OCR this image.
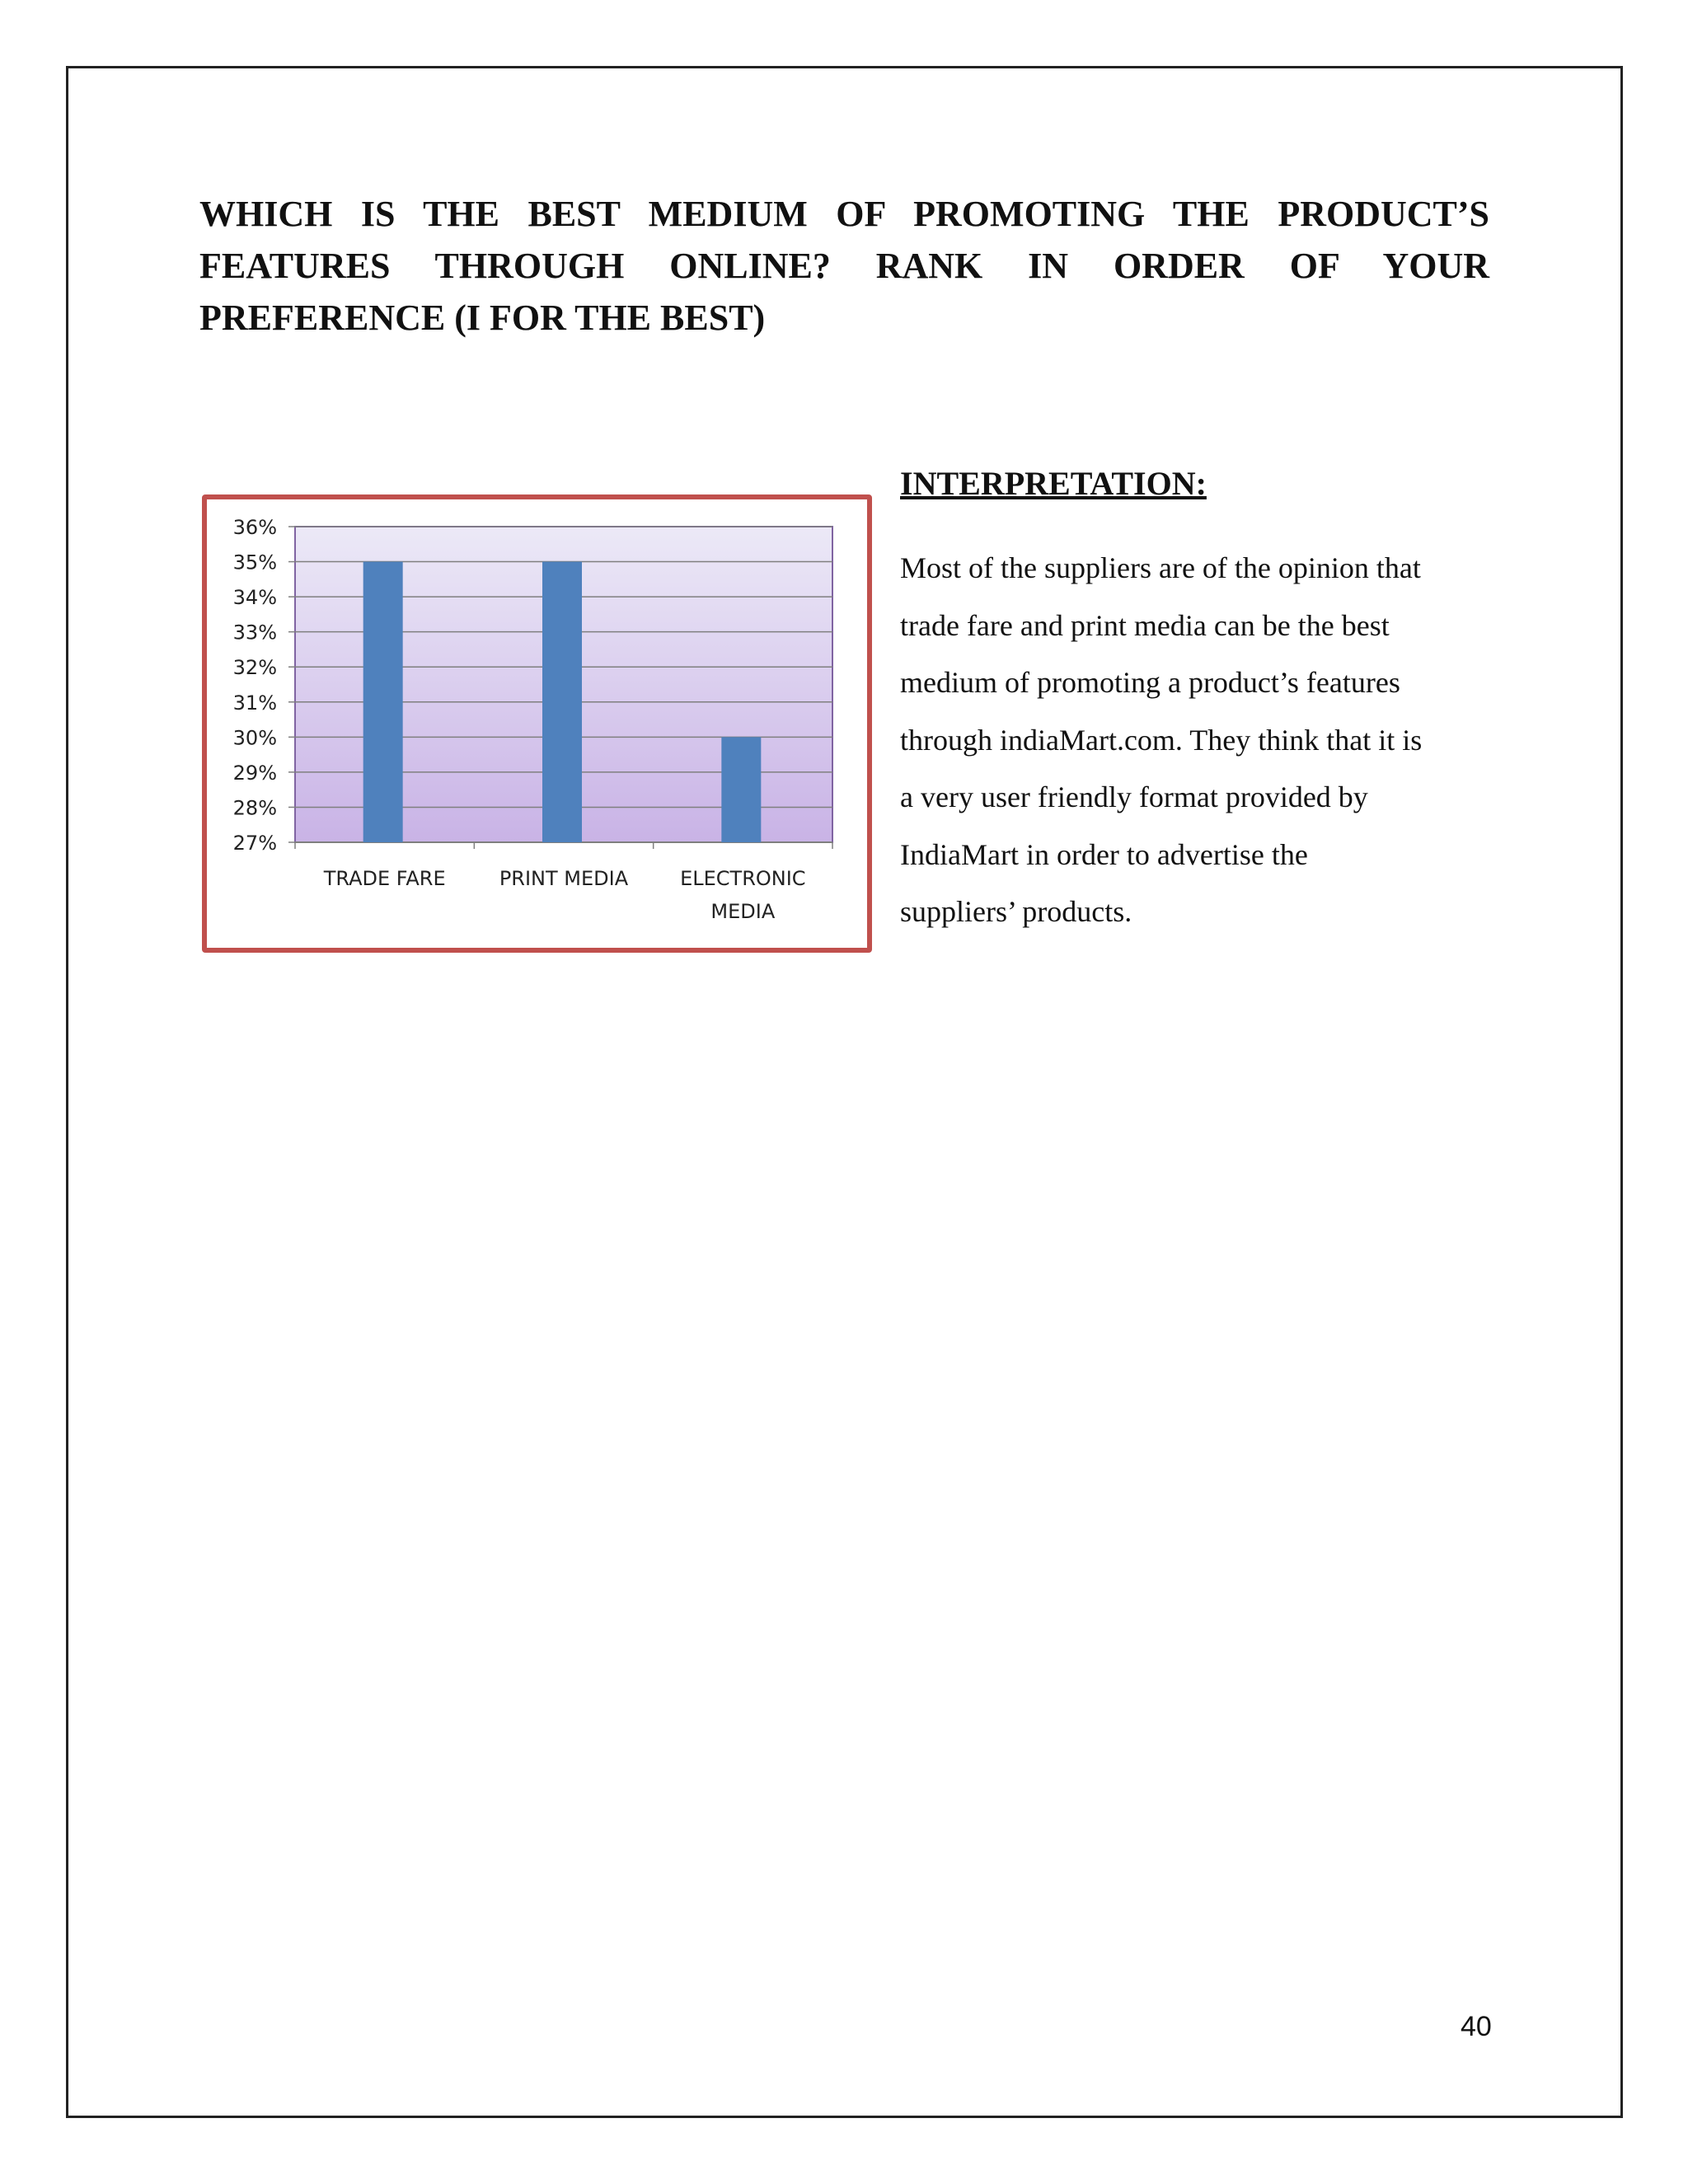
WHICH IS THE BEST MEDIUM OF PROMOTING THE PRODUCT’S FEATURES THROUGH ONLINE? RANK IN ORDER OF YOUR PREFERENCE (I FOR THE BEST)
27%
28%
29%
30%
31%
32%
33%
34%
35%
36%
TRADE FARE	PRINT MEDIA	ELECTRONIC
MEDIA
INTERPRETATION:

Most of the suppliers are of the opinion that
trade fare and print media can be the best
medium of promoting a product’s features
through indiaMart.com. They think that it is
a very user friendly format provided by
IndiaMart in order to advertise the
suppliers’ products.

40
